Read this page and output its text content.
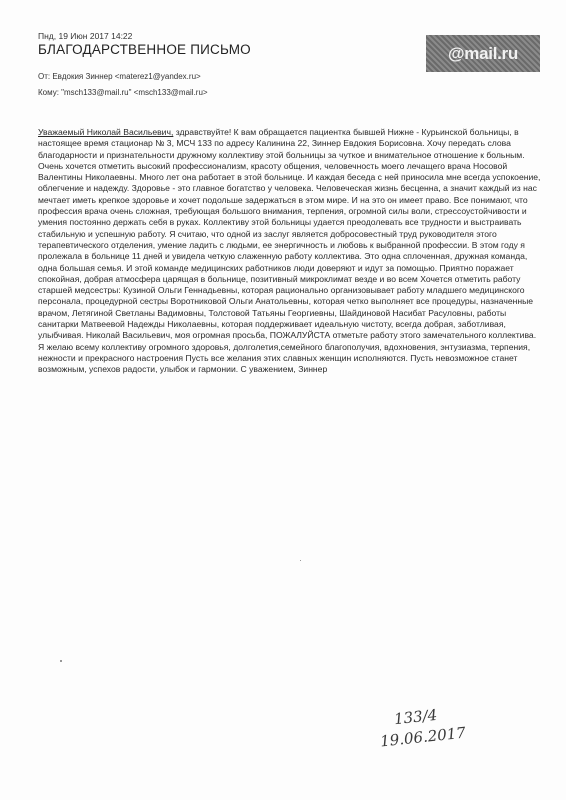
Пнд, 19 Июн 2017 14:22
БЛАГОДАРСТВЕННОЕ ПИСЬМО	@mail.ru
От: Евдокия Зиннер <materez1@yandex.ru>
Кому: "msch133@mail.ru" <msch133@mail.ru>
Уважаемый Николай Васильевич, здравствуйте! К вам обращается пациентка бывшей Нижне - Курьинской больницы, в настоящее время стационар № 3, МСЧ 133 по адресу Калинина 22, Зиннер Евдокия Борисовна. Хочу передать слова благодарности и признательности дружному коллективу этой больницы за чуткое и внимательное отношение к больным. Очень хочется отметить высокий профессионализм, красоту общения, человечность моего лечащего врача Носовой Валентины Николаевны. Много лет она работает в этой больнице. И каждая беседа с ней приносила мне всегда успокоение, облегчение и надежду. Здоровье - это главное богатство у человека. Человеческая жизнь бесценна, а значит каждый из нас мечтает иметь крепкое здоровье и хочет подольше задержаться в этом мире. И на это он имеет право. Все понимают, что профессия врача очень сложная, требующая большого внимания, терпения, огромной силы воли, стрессоустойчивости и умения постоянно держать себя в руках. Коллективу этой больницы удается преодолевать все трудности и выстраивать стабильную и успешную работу. Я считаю, что одной из заслуг является добросовестный труд руководителя этого терапевтического отделения, умение ладить с людьми, ее энергичность и любовь к выбранной профессии. В этом году я пролежала в больнице 11 дней и увидела четкую слаженную работу коллектива. Это одна сплоченная, дружная команда, одна большая семья. И этой команде медицинских работников люди доверяют и идут за помощью. Приятно поражает спокойная, добрая атмосфера царящая в больнице, позитивный микроклимат везде и во всем Хочется отметить работу старшей медсестры: Кузиной Ольги Геннадьевны, которая рационально организовывает работу младшего медицинского персонала, процедурной сестры Воротниковой Ольги Анатольевны, которая четко выполняет все процедуры, назначенные врачом, Летягиной Светланы Вадимовны, Толстовой Татьяны Георгиевны, Шайдиновой Насибат Расуловны, работы санитарки Матвеевой Надежды Николаевны, которая поддерживает идеальную чистоту, всегда добрая, заботливая, улыбчивая. Николай Васильевич, моя огромная просьба, ПОЖАЛУЙСТА отметьте работу этого замечательного коллектива. Я желаю всему коллективу огромного здоровья, долголетия,семейного благополучия, вдохновения, энтузиазма, терпения, нежности и прекрасного настроения Пусть все желания этих славных женщин исполняются. Пусть невозможное станет возможным, успехов радости, улыбок и гармонии. С уважением, Зиннер
133/4
19.06.2017
